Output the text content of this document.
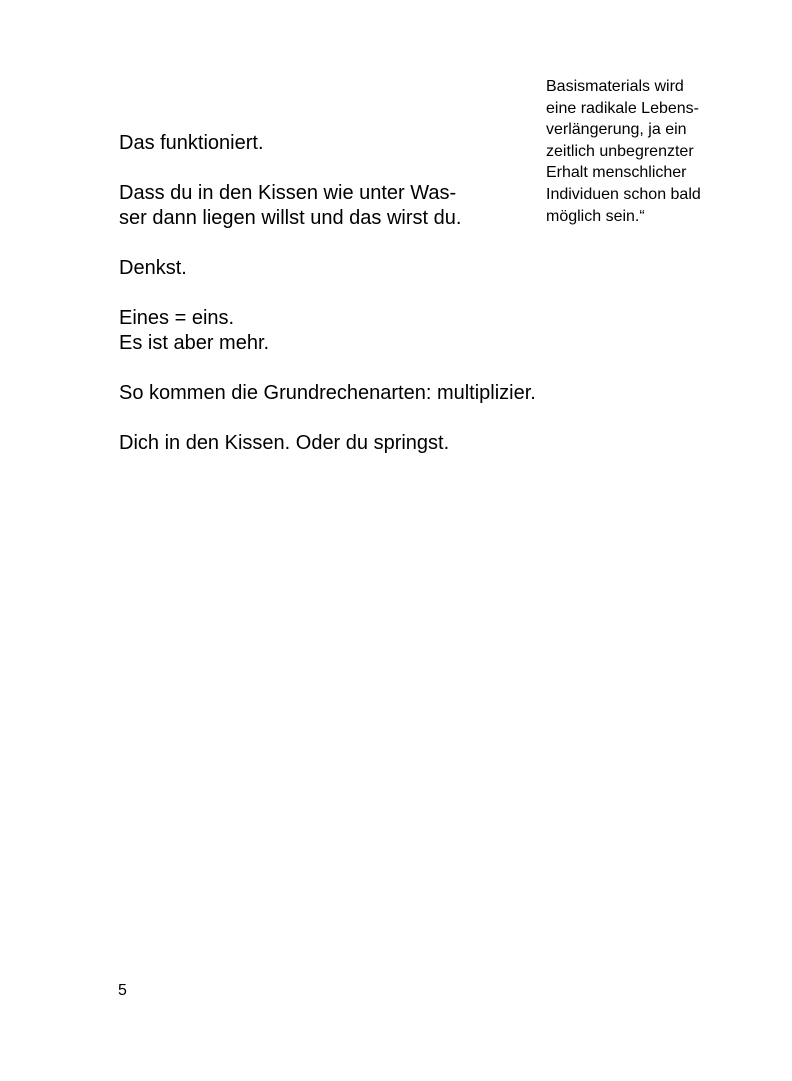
Basismaterials wird
eine radikale Lebens-
verlängerung, ja ein
zeitlich unbegrenzter
Erhalt menschlicher
Individuen schon bald
möglich sein.“

Das funktioniert.

Dass du in den Kissen wie unter Was-
ser dann liegen willst und das wirst du.

Denkst.

Eines = eins.
Es ist aber mehr.

So kommen die Grundrechenarten: multiplizier.

Dich in den Kissen. Oder du springst.

5
